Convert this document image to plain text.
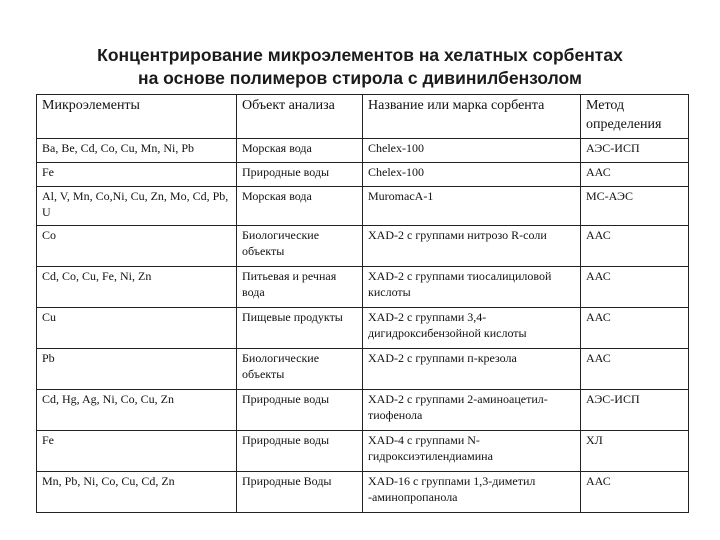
Концентрирование микроэлементов на хелатных сорбентах
на основе полимеров стирола с дивинилбензолом
Микроэлементы	Объект анализа	Название или марка сорбента	Метод определения
Ba, Be, Cd, Co, Cu, Mn, Ni, Pb	Морская вода	Chelex-100	АЭС-ИСП
Fe	Природные воды	Chelex-100	ААС
Al, V, Mn, Co,Ni, Cu, Zn, Mo, Cd, Pb, U	Морская вода	MuromacA-1	МС-АЭС
Co	Биологические объекты	XAD-2 с группами нитрозо R-соли	ААС
Cd, Co, Cu, Fe, Ni, Zn	Питьевая и речная вода	XAD-2 с группами тиосалициловой кислоты	ААС
Cu	Пищевые продукты	XAD-2 с группами 3,4-дигидроксибензойной кислоты	ААС
Pb	Биологические объекты	XAD-2 с группами п-крезола	ААС
Cd, Hg, Ag, Ni, Co, Cu, Zn	Природные воды	XAD-2 с группами 2-аминоацетил-тиофенола	АЭС-ИСП
Fe	Природные воды	XAD-4 с группами N-гидроксиэтилендиамина	ХЛ
Mn, Pb, Ni, Co, Cu, Cd, Zn	Природные Воды	XAD-16 с группами 1,3-диметил -аминопропанола	ААС
